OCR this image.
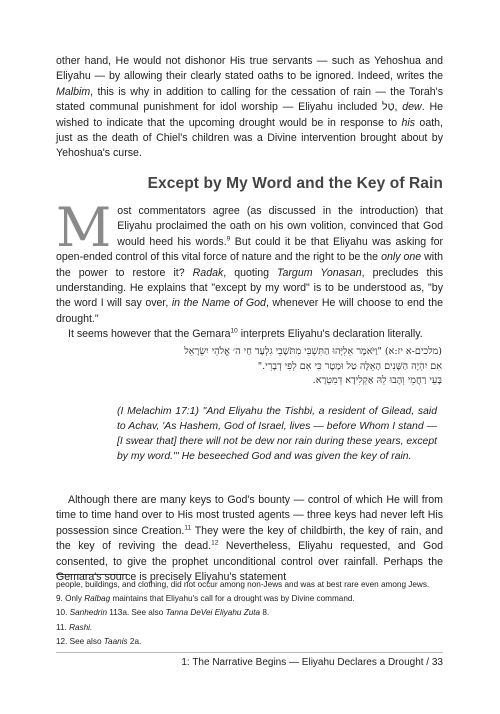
other hand, He would not dishonor His true servants — such as Yehoshua and Eliyahu — by allowing their clearly stated oaths to be ignored. Indeed, writes the Malbim, this is why in addition to calling for the cessation of rain — the Torah's stated communal punishment for idol worship — Eliyahu included טַל, dew. He wished to indicate that the upcoming drought would be in response to his oath, just as the death of Chiel's children was a Divine intervention brought about by Yehoshua's curse.

Except by My Word and the Key of Rain

Most commentators agree (as discussed in the introduction) that Eliyahu proclaimed the oath on his own volition, convinced that God would heed his words.$^9$ But could it be that Eliyahu was asking for open-ended control of this vital force of nature and the right to be the only one with the power to restore it? Radak, quoting Targum Yonasan, precludes this understanding. He explains that "except by my word" is to be understood as, "by the word I will say over, in the Name of God, whenever He will choose to end the drought."

It seems however that the Gemara$^{10}$ interprets Eliyahu's declaration literally.

(מלכים-א יז:א) "וַיֹּאמֶר אֵלִיָּהוּ הַתִּשְׁבִּי מִתֹּשָׁבֵי גִלְעָד חַי ה׳ אֱלֹהֵי יִשְׂרָאֵל
אִם יִהְיֶה הַשָּׁנִים הָאֵלֶּה טַל וּמָטָר כִּי אִם לְפִי דְבָרִי."
בָּעֵי רַחֲמֵי וְהָבוּ לֵהּ אַקְלִידָא דְמִטְרָא.
(I Melachim 17:1) "And Eliyahu the Tishbi, a resident of Gilead, said to Achav, 'As Hashem, God of Israel, lives — before Whom I stand — [I swear that] there will not be dew nor rain during these years, except by my word.'" He beseeched God and was given the key of rain.

Although there are many keys to God's bounty — control of which He will from time to time hand over to His most trusted agents — three keys had never left His possession since Creation.$^{11}$ They were the key of childbirth, the key of rain, and the key of reviving the dead.$^{12}$ Nevertheless, Eliyahu requested, and God consented, to give the prophet unconditional control over rainfall. Perhaps the Gemara's source is precisely Eliyahu's statement

people, buildings, and clothing, did not occur among non-Jews and was at best rare even among Jews.
9. Only Ralbag maintains that Eliyahu's call for a drought was by Divine command.
10. Sanhedrin 113a. See also Tanna DeVei Eliyahu Zuta 8.
11. Rashi.
12. See also Taanis 2a.
1: The Narrative Begins — Eliyahu Declares a Drought / 33
